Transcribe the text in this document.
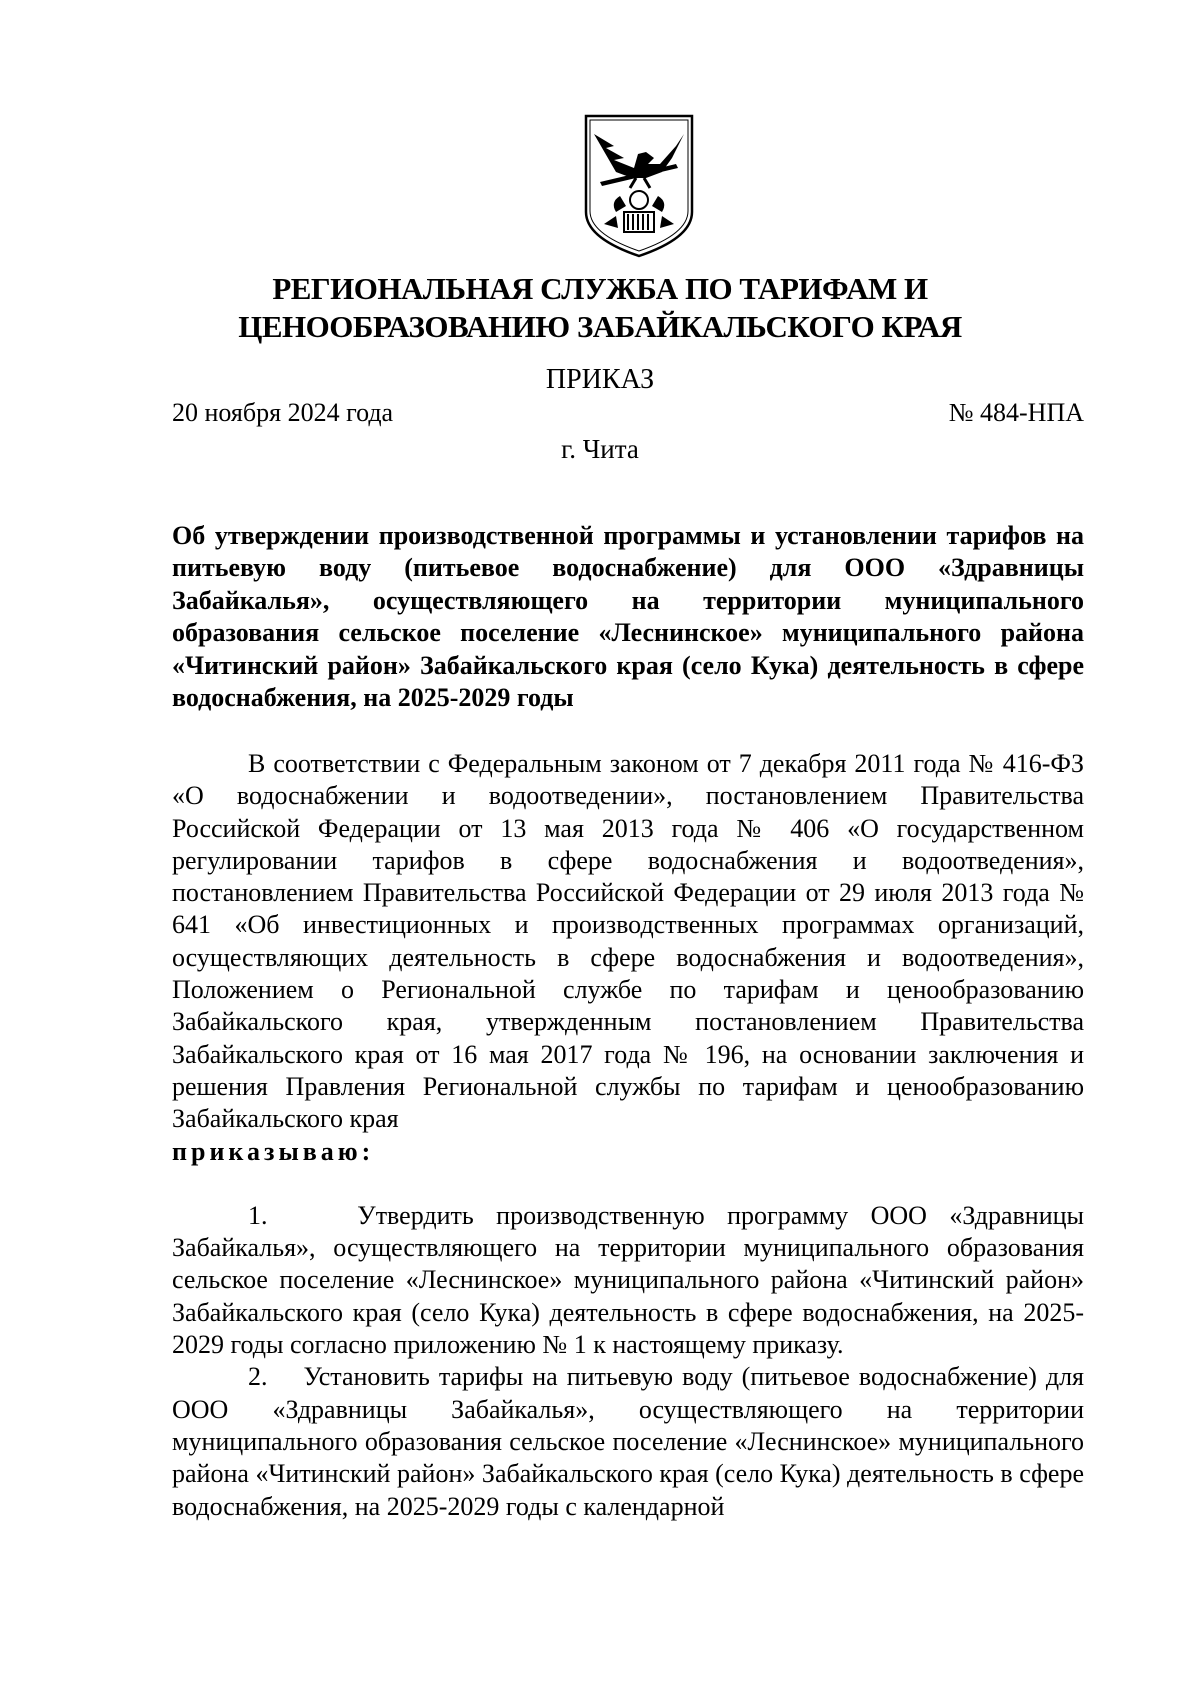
РЕГИОНАЛЬНАЯ СЛУЖБА ПО ТАРИФАМ И
ЦЕНООБРАЗОВАНИЮ ЗАБАЙКАЛЬСКОГО КРАЯ
ПРИКАЗ
20 ноября 2024 года	№ 484-НПА
г. Чита
Об утверждении производственной программы и установлении тарифов на питьевую воду (питьевое водоснабжение) для ООО «Здравницы Забайкалья», осуществляющего на территории муниципального образования сельское поселение «Леснинское» муниципального района «Читинский район» Забайкальского края (село Кука) деятельность в сфере водоснабжения, на 2025-2029 годы

В соответствии с Федеральным законом от 7 декабря 2011 года № 416-ФЗ «О водоснабжении и водоотведении», постановлением Правительства Российской Федерации от 13 мая 2013 года № 406 «О государственном регулировании тарифов в сфере водоснабжения и водоотведения», постановлением Правительства Российской Федерации от 29 июля 2013 года № 641 «Об инвестиционных и производственных программах организаций, осуществляющих деятельность в сфере водоснабжения и водоотведения», Положением о Региональной службе по тарифам и ценообразованию Забайкальского края, утвержденным постановлением Правительства Забайкальского края от 16 мая 2017 года № 196, на основании заключения и решения Правления Региональной службы по тарифам и ценообразованию Забайкальского края

приказываю:

1.	Утвердить производственную программу ООО «Здравницы Забайкалья», осуществляющего на территории муниципального образования сельское поселение «Леснинское» муниципального района «Читинский район» Забайкальского края (село Кука) деятельность в сфере водоснабжения, на 2025-2029 годы согласно приложению № 1 к настоящему приказу.

2. Установить тарифы на питьевую воду (питьевое водоснабжение) для ООО «Здравницы Забайкалья», осуществляющего на территории муниципального образования сельское поселение «Леснинское» муниципального района «Читинский район» Забайкальского края (село Кука) деятельность в сфере водоснабжения, на 2025-2029 годы с календарной
